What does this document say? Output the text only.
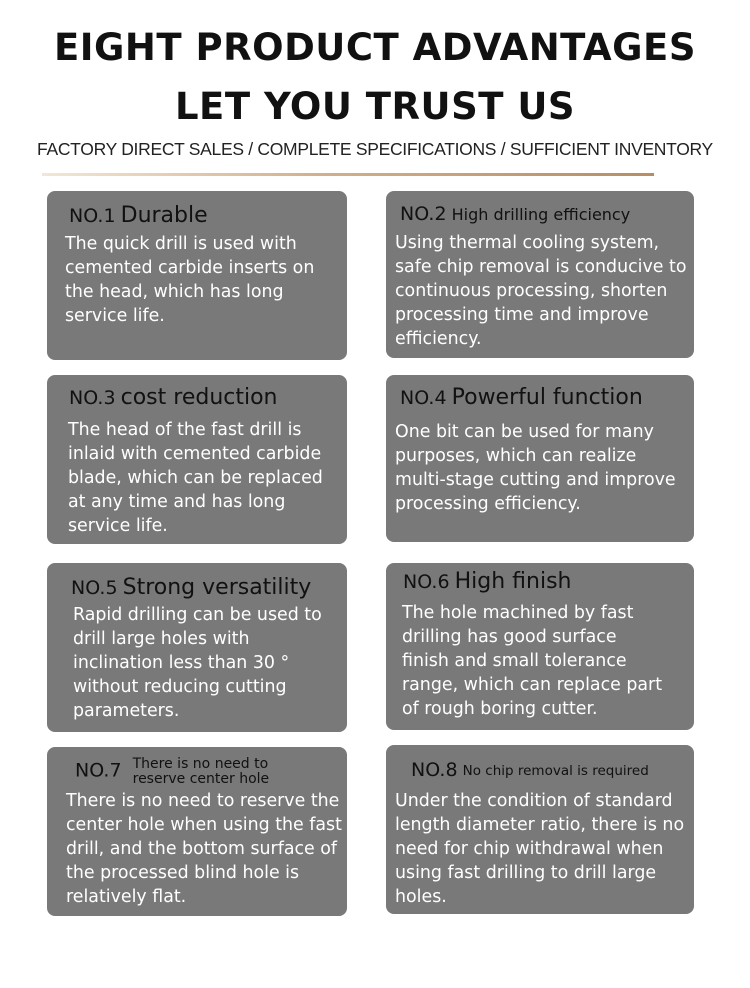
EIGHT PRODUCT ADVANTAGES
LET YOU TRUST US
FACTORY DIRECT SALES / COMPLETE SPECIFICATIONS / SUFFICIENT INVENTORY
NO.1 Durable
The quick drill is used with cemented carbide inserts on the head, which has long service life.
NO.2 High drilling efficiency
Using thermal cooling system, safe chip removal is conducive to continuous processing, shorten processing time and improve efficiency.
NO.3 cost reduction
The head of the fast drill is inlaid with cemented carbide blade, which can be replaced at any time and has long service life.
NO.4 Powerful function
One bit can be used for many purposes, which can realize multi-stage cutting and improve processing efficiency.
NO.5 Strong versatility
Rapid drilling can be used to drill large holes with inclination less than 30 ° without reducing cutting parameters.
NO.6 High finish
The hole machined by fast drilling has good surface finish and small tolerance range, which can replace part of rough boring cutter.
NO.7 There is no need to reserve center hole
There is no need to reserve the center hole when using the fast drill, and the bottom surface of the processed blind hole is relatively flat.
NO.8 No chip removal is required
Under the condition of standard length diameter ratio, there is no need for chip withdrawal when using fast drilling to drill large holes.
